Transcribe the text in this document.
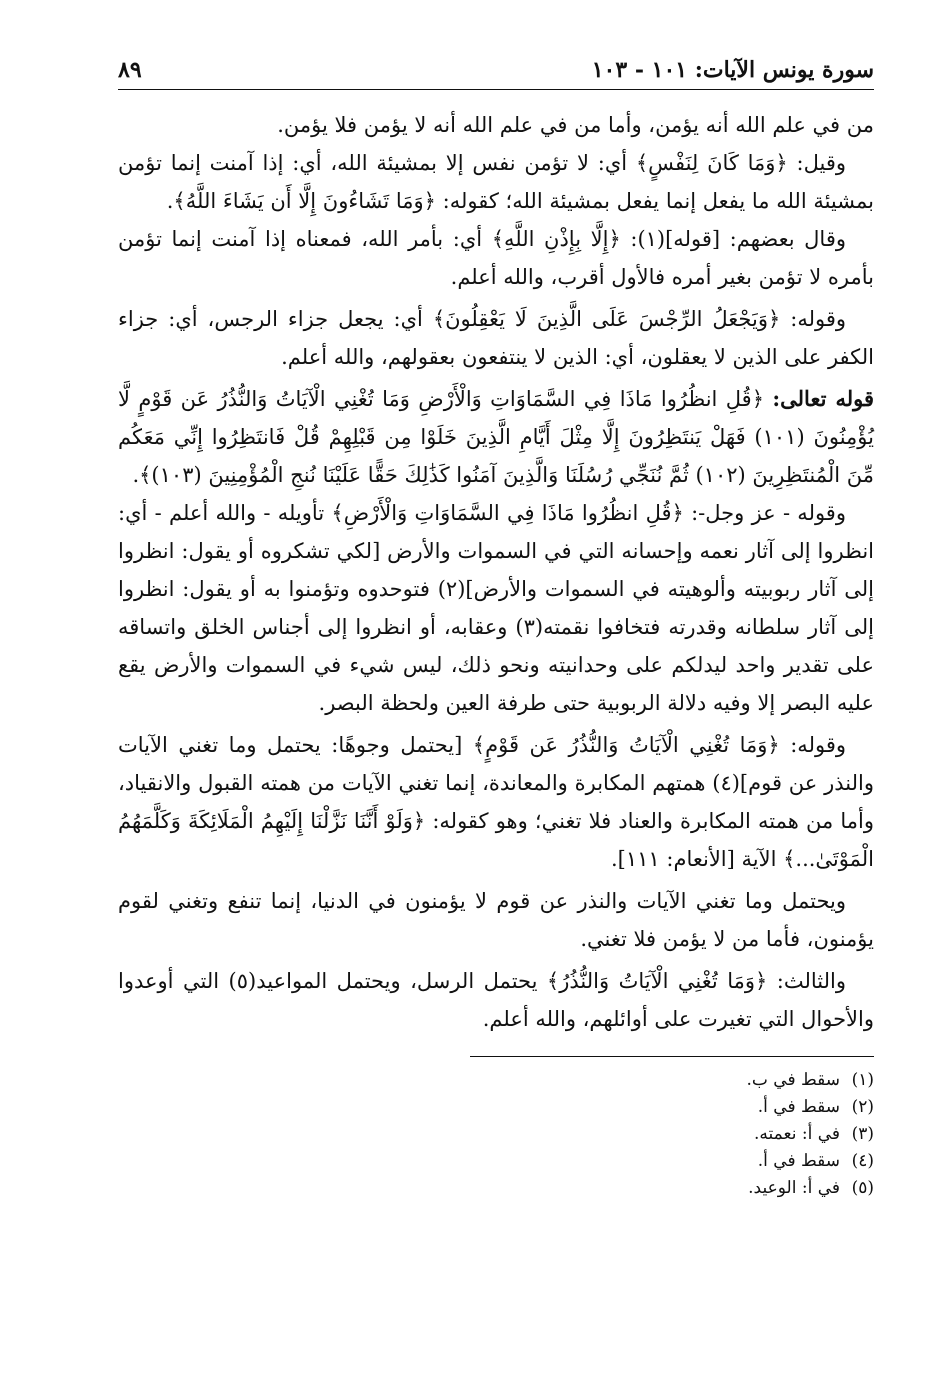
سورة يونس الآيات: ١٠١ - ١٠٣
٨٩

من في علم الله أنه يؤمن، وأما من في علم الله أنه لا يؤمن فلا يؤمن.

وقيل: ﴿وَمَا كَانَ لِنَفْسٍ﴾ أي: لا تؤمن نفس إلا بمشيئة الله، أي: إذا آمنت إنما تؤمن بمشيئة الله ما يفعل إنما يفعل بمشيئة الله؛ كقوله: ﴿وَمَا تَشَاءُونَ إِلَّا أَن يَشَاءَ اللَّهُ﴾.

وقال بعضهم: [قوله](١): ﴿إِلَّا بِإِذْنِ اللَّهِ﴾ أي: بأمر الله، فمعناه إذا آمنت إنما تؤمن بأمره لا تؤمن بغير أمره فالأول أقرب، والله أعلم.

وقوله: ﴿وَيَجْعَلُ الرِّجْسَ عَلَى الَّذِينَ لَا يَعْقِلُونَ﴾ أي: يجعل جزاء الرجس، أي: جزاء الكفر على الذين لا يعقلون، أي: الذين لا ينتفعون بعقولهم، والله أعلم.

قوله تعالى: ﴿قُلِ انظُرُوا مَاذَا فِي السَّمَاوَاتِ وَالْأَرْضِ وَمَا تُغْنِي الْآيَاتُ وَالنُّذُرُ عَن قَوْمٍ لَّا يُؤْمِنُونَ (١٠١) فَهَلْ يَنتَظِرُونَ إِلَّا مِثْلَ أَيَّامِ الَّذِينَ خَلَوْا مِن قَبْلِهِمْ قُلْ فَانتَظِرُوا إِنِّي مَعَكُم مِّنَ الْمُنتَظِرِينَ (١٠٢) ثُمَّ نُنَجِّي رُسُلَنَا وَالَّذِينَ آمَنُوا كَذَٰلِكَ حَقًّا عَلَيْنَا نُنجِ الْمُؤْمِنِينَ (١٠٣)﴾.

وقوله - عز وجل-: ﴿قُلِ انظُرُوا مَاذَا فِي السَّمَاوَاتِ وَالْأَرْضِ﴾ تأويله - والله أعلم - أي: انظروا إلى آثار نعمه وإحسانه التي في السموات والأرض [لكي تشكروه أو يقول: انظروا إلى آثار ربوبيته وألوهيته في السموات والأرض](٢) فتوحدوه وتؤمنوا به أو يقول: انظروا إلى آثار سلطانه وقدرته فتخافوا نقمته(٣) وعقابه، أو انظروا إلى أجناس الخلق واتساقه على تقدير واحد ليدلكم على وحدانيته ونحو ذلك، ليس شيء في السموات والأرض يقع عليه البصر إلا وفيه دلالة الربوبية حتى طرفة العين ولحظة البصر.

وقوله: ﴿وَمَا تُغْنِي الْآيَاتُ وَالنُّذُرُ عَن قَوْمٍ﴾ [يحتمل وجوهًا: يحتمل وما تغني الآيات والنذر عن قوم](٤) همتهم المكابرة والمعاندة، إنما تغني الآيات من همته القبول والانقياد، وأما من همته المكابرة والعناد فلا تغني؛ وهو كقوله: ﴿وَلَوْ أَنَّنَا نَزَّلْنَا إِلَيْهِمُ الْمَلَائِكَةَ وَكَلَّمَهُمُ الْمَوْتَىٰ...﴾ الآية [الأنعام: ١١١].

ويحتمل وما تغني الآيات والنذر عن قوم لا يؤمنون في الدنيا، إنما تنفع وتغني لقوم يؤمنون، فأما من لا يؤمن فلا تغني.

والثالث: ﴿وَمَا تُغْنِي الْآيَاتُ وَالنُّذُرُ﴾ يحتمل الرسل، ويحتمل المواعيد(٥) التي أوعدوا والأحوال التي تغيرت على أوائلهم، والله أعلم.

(١)سقط في ب.
(٢)سقط في أ.
(٣)في أ: نعمته.
(٤)سقط في أ.
(٥)في أ: الوعيد.
